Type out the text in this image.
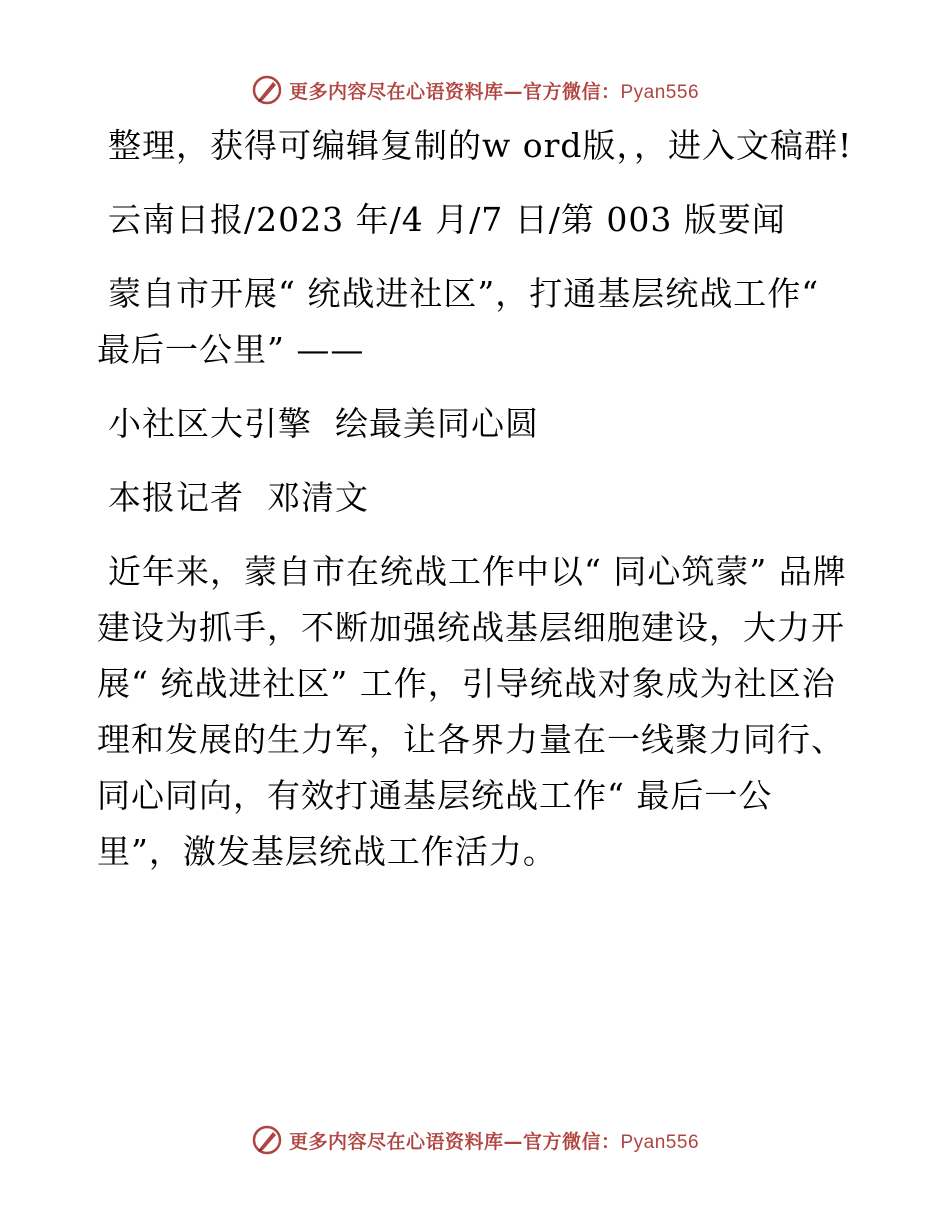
更多内容尽在心语资料库—官方微信：Pyan556

整理，获得可编辑复制的w ord版，，进入文稿群!

云南日报/2023 年/4 月/7 日/第 003 版要闻

蒙自市开展“ 统战进社区”，打通基层统战工作“ 最后一公里” ——

小社区大引擎  绘最美同心圆

本报记者  邓清文

近年来，蒙自市在统战工作中以“ 同心筑蒙” 品牌建设为抓手，不断加强统战基层细胞建设，大力开展“ 统战进社区” 工作，引导统战对象成为社区治理和发展的生力军，让各界力量在一线聚力同行、同心同向，有效打通基层统战工作“ 最后一公里”，激发基层统战工作活力。

更多内容尽在心语资料库—官方微信：Pyan556
